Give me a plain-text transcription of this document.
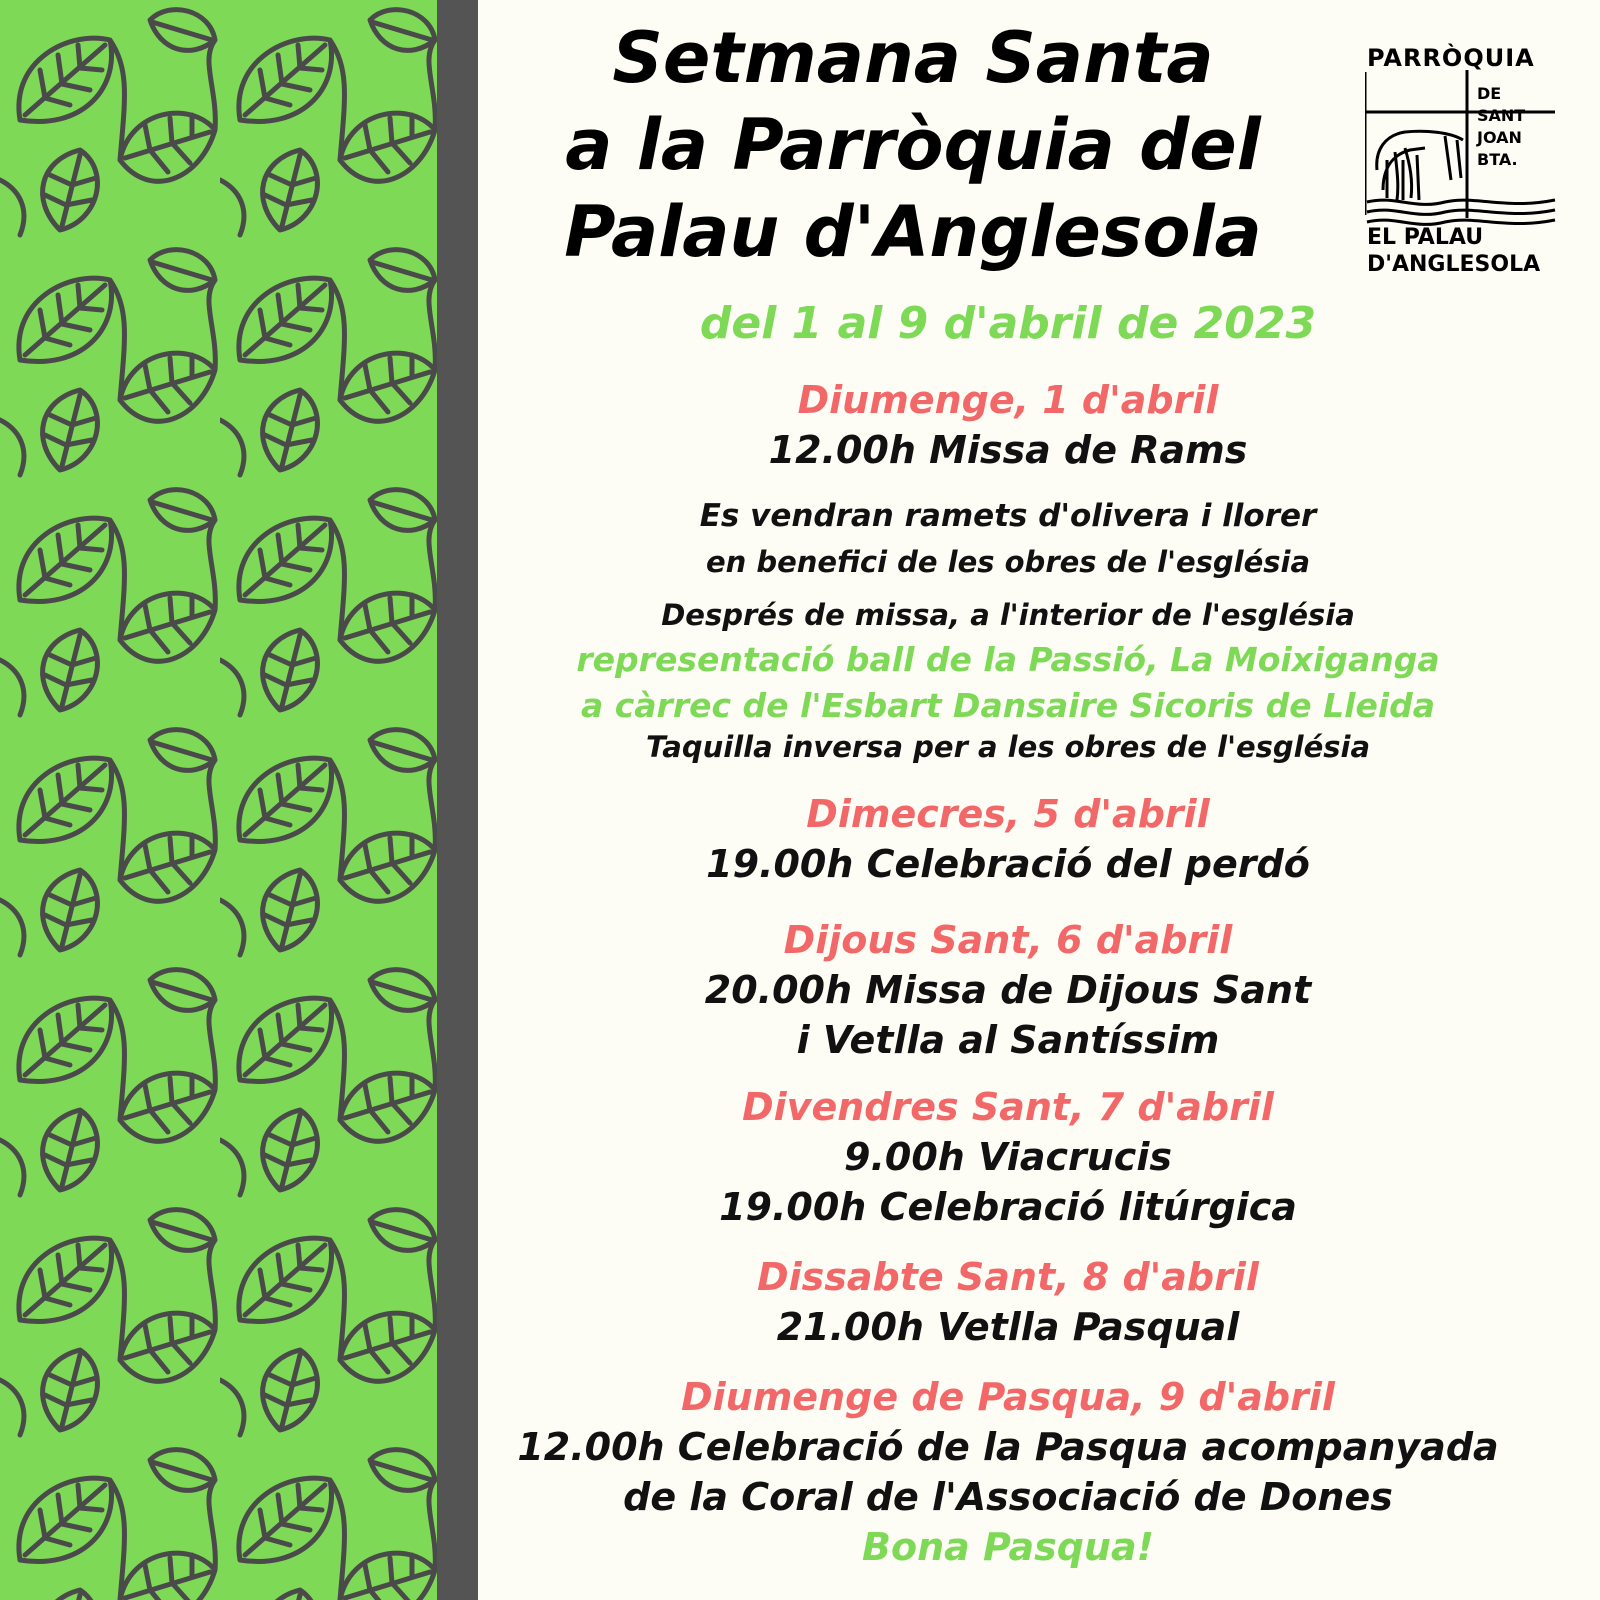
PARRÒQUIA
DE
SANT
JOAN
BTA.
EL PALAU
D'ANGLESOLA

Setmana Santa

a la Parròquia del

Palau d'Anglesola

del 1 al 9 d'abril de 2023

Diumenge, 1 d'abril

12.00h Missa de Rams

Es vendran ramets d'olivera i llorer

en benefici de les obres de l'església

Després de missa, a l'interior de l'església

representació ball de la Passió, La Moixiganga

a càrrec de l'Esbart Dansaire Sicoris de Lleida

Taquilla inversa per a les obres de l'església

Dimecres, 5 d'abril

19.00h Celebració del perdó

Dijous Sant, 6 d'abril

20.00h Missa de Dijous Sant

i Vetlla al Santíssim

Divendres Sant, 7 d'abril

9.00h Viacrucis

19.00h Celebració litúrgica

Dissabte Sant, 8 d'abril

21.00h Vetlla Pasqual

Diumenge de Pasqua, 9 d'abril

12.00h Celebració de la Pasqua acompanyada

de la Coral de l'Associació de Dones

Bona Pasqua!
